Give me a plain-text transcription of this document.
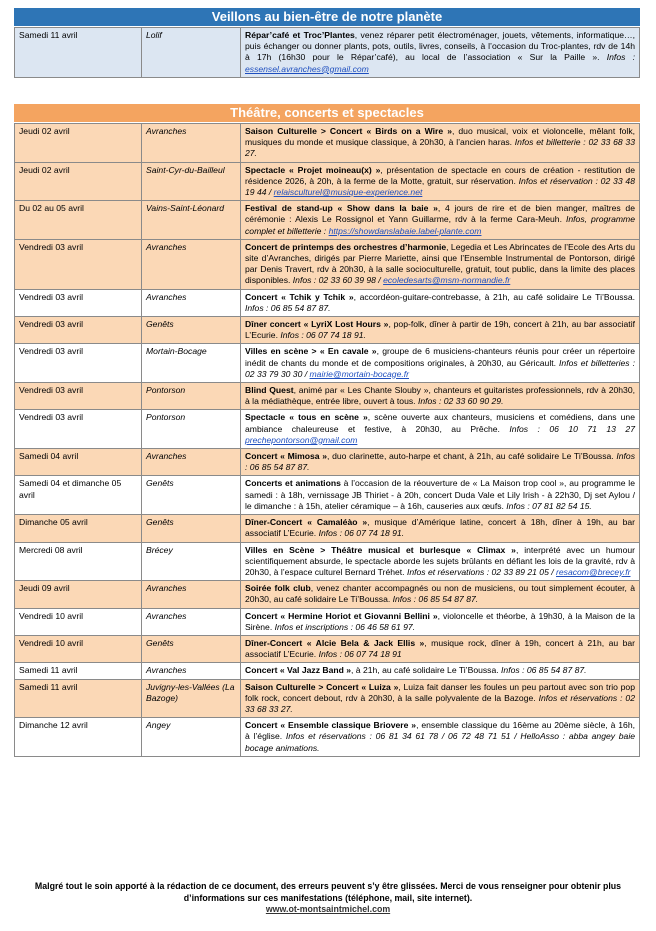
Veillons au bien-être de notre planète
Samedi 11 avril	Lolif	Répar’café et Troc’Plantes, venez réparer petit électroménager, jouets, vêtements, informatique…, puis échanger ou donner plants, pots, outils, livres, conseils, à l’occasion du Troc-plantes, rdv de 14h à 17h (16h30 pour le Répar’café), au local de l’association « Sur la Paille ». Infos : essensel.avranches@gmail.com
Théâtre, concerts et spectacles
Jeudi 02 avril	Avranches	Saison Culturelle > Concert « Birds on a Wire », duo musical, voix et violoncelle, mêlant folk, musiques du monde et musique classique, à 20h30, à l’ancien haras. Infos et billetterie : 02 33 68 33 27.
Jeudi 02 avril	Saint-Cyr-du-Bailleul	Spectacle « Projet moineau(x) », présentation de spectacle en cours de création - restitution de résidence 2026, à 20h, à la ferme de la Motte, gratuit, sur réservation. Infos et réservation : 02 33 48 19 44 / relaisculturel@musique-experience.net
Du 02 au 05 avril	Vains-Saint-Léonard	Festival de stand-up « Show dans la baie », 4 jours de rire et de bien manger, maîtres de cérémonie : Alexis Le Rossignol et Yann Guillarme, rdv à la ferme Cara-Meuh. Infos, programme complet et billetterie : https://showdanslabaie.label-plante.com
Vendredi 03 avril	Avranches	Concert de printemps des orchestres d’harmonie, Legedia et Les Abrincates de l’Ecole des Arts du site d’Avranches, dirigés par Pierre Mariette, ainsi que l’Ensemble Instrumental de Pontorson, dirigé par Denis Travert, rdv à 20h30, à la salle socioculturelle, gratuit, tout public, dans la limite des places disponibles. Infos : 02 33 60 39 98 / ecoledesarts@msm-normandie.fr
Vendredi 03 avril	Avranches	Concert « Tchik y Tchik », accordéon-guitare-contrebasse, à 21h, au café solidaire Le Ti’Boussa. Infos : 06 85 54 87 87.
Vendredi 03 avril	Genêts	Dîner concert « LyriX Lost Hours », pop-folk, dîner à partir de 19h, concert à 21h, au bar associatif L’Ecurie. Infos : 06 07 74 18 91.
Vendredi 03 avril	Mortain-Bocage	Villes en scène > « En cavale », groupe de 6 musiciens-chanteurs réunis pour créer un répertoire inédit de chants du monde et de compositions originales, à 20h30, au Géricault. Infos et billetteries : 02 33 79 30 30 / mairie@mortain-bocage.fr
Vendredi 03 avril	Pontorson	Blind Quest, animé par « Les Chante Slouby », chanteurs et guitaristes professionnels, rdv à 20h30, à la médiathèque, entrée libre, ouvert à tous. Infos : 02 33 60 90 29.
Vendredi 03 avril	Pontorson	Spectacle « tous en scène », scène ouverte aux chanteurs, musiciens et comédiens, dans une ambiance chaleureuse et festive, à 20h30, au Prêche. Infos : 06 10 71 13 27 prechepontorson@gmail.com
Samedi 04 avril	Avranches	Concert « Mimosa », duo clarinette, auto-harpe et chant, à 21h, au café solidaire Le Ti’Boussa. Infos : 06 85 54 87 87.
Samedi 04 et dimanche 05 avril	Genêts	Concerts et animations à l’occasion de la réouverture de « La Maison trop cool », au programme le samedi : à 18h, vernissage JB Thiriet - à 20h, concert Duda Vale et Lily Irish - à 22h30, Dj set Aylou / le dimanche : à 15h, atelier céramique – à 16h, causeries aux œufs. Infos : 07 81 82 54 15.
Dimanche 05 avril	Genêts	Dîner-Concert « Camaléào », musique d’Amérique latine, concert à 18h, dîner à 19h, au bar associatif L’Ecurie. Infos : 06 07 74 18 91.
Mercredi 08 avril	Brécey	Villes en Scène > Théâtre musical et burlesque « Climax », interprété avec un humour scientifiquement absurde, le spectacle aborde les sujets brûlants en défiant les lois de la gravité, rdv à 20h30, à l’espace culturel Bernard Tréhet. Infos et réservations : 02 33 89 21 05 / resacom@brecey.fr
Jeudi 09 avril	Avranches	Soirée folk club, venez chanter accompagnés ou non de musiciens, ou tout simplement écouter, à 20h30, au café solidaire Le Ti’Boussa. Infos : 06 85 54 87 87.
Vendredi 10 avril	Avranches	Concert « Hermine Horiot et Giovanni Bellini », violoncelle et théorbe, à 19h30, à la Maison de la Sirène. Infos et inscriptions : 06 46 58 61 97.
Vendredi 10 avril	Genêts	Dîner-Concert « Alcie Bela & Jack Ellis », musique rock, dîner à 19h, concert à 21h, au bar associatif L’Ecurie. Infos : 06 07 74 18 91
Samedi 11 avril	Avranches	Concert « Val Jazz Band », à 21h, au café solidaire Le Ti’Boussa. Infos : 06 85 54 87 87.
Samedi 11 avril	Juvigny-les-Vallées (La Bazoge)	Saison Culturelle > Concert « Luiza », Luiza fait danser les foules un peu partout avec son trio pop folk rock, concert debout, rdv à 20h30, à la salle polyvalente de la Bazoge. Infos et réservations : 02 33 68 33 27.
Dimanche 12 avril	Angey	Concert « Ensemble classique Briovere », ensemble classique du 16ème au 20ème siècle, à 16h, à l’église. Infos et réservations : 06 81 34 61 78 / 06 72 48 71 51 / HelloAsso : abba angey baie bocage animations.
Malgré tout le soin apporté à la rédaction de ce document, des erreurs peuvent s’y être glissées. Merci de vous renseigner pour obtenir plus d’informations sur ces manifestations (téléphone, mail, site internet).
www.ot-montsaintmichel.com
